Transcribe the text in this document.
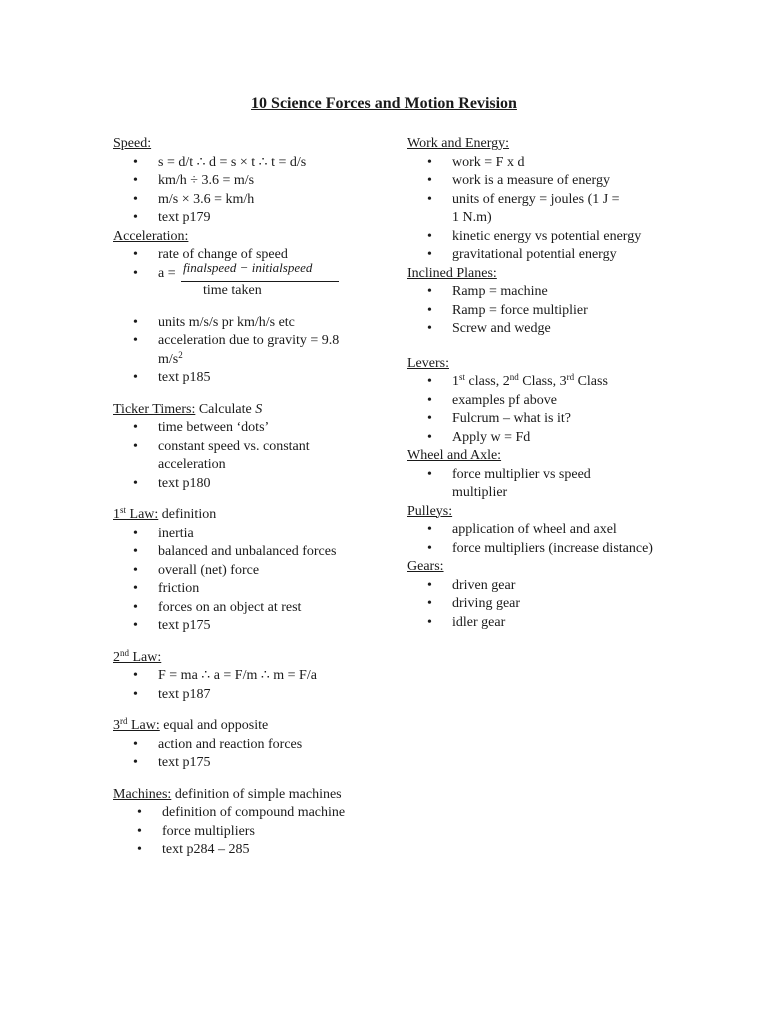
10 Science Forces and Motion Revision
Speed:
• s = d/t ∴ d = s × t ∴ t = d/s
• km/h ÷ 3.6 = m/s
• m/s × 3.6 = km/h
• text p179
Acceleration:
• rate of change of speed
• a = finalspeed − initialspeed
time taken
• units m/s/s pr km/h/s etc
• acceleration due to gravity = 9.8 $m/s^2$
• text p185
Ticker Timers: Calculate S
• time between ‘dots’
• constant speed vs. constant acceleration
• text p180
1st Law: definition
• inertia
• balanced and unbalanced forces
• overall (net) force
• friction
• forces on an object at rest
• text p175
2nd Law:
• F = ma ∴ a = F/m ∴ m = F/a
• text p187
3rd Law: equal and opposite
• action and reaction forces
• text p175
Machines: definition of simple machines
• definition of compound machine
• force multipliers
• text p284 – 285
Work and Energy:
• work = F x d
• work is a measure of energy
• units of energy = joules (1 J = 1 N.m)
• kinetic energy vs potential energy
• gravitational potential energy
Inclined Planes:
• Ramp = machine
• Ramp = force multiplier
• Screw and wedge
Levers:
• 1st class, 2nd Class, 3rd Class
• examples pf above
• Fulcrum – what is it?
• Apply w = Fd
Wheel and Axle:
• force multiplier vs speed multiplier
Pulleys:
• application of wheel and axel
• force multipliers (increase distance)
Gears:
• driven gear
• driving gear
• idler gear
